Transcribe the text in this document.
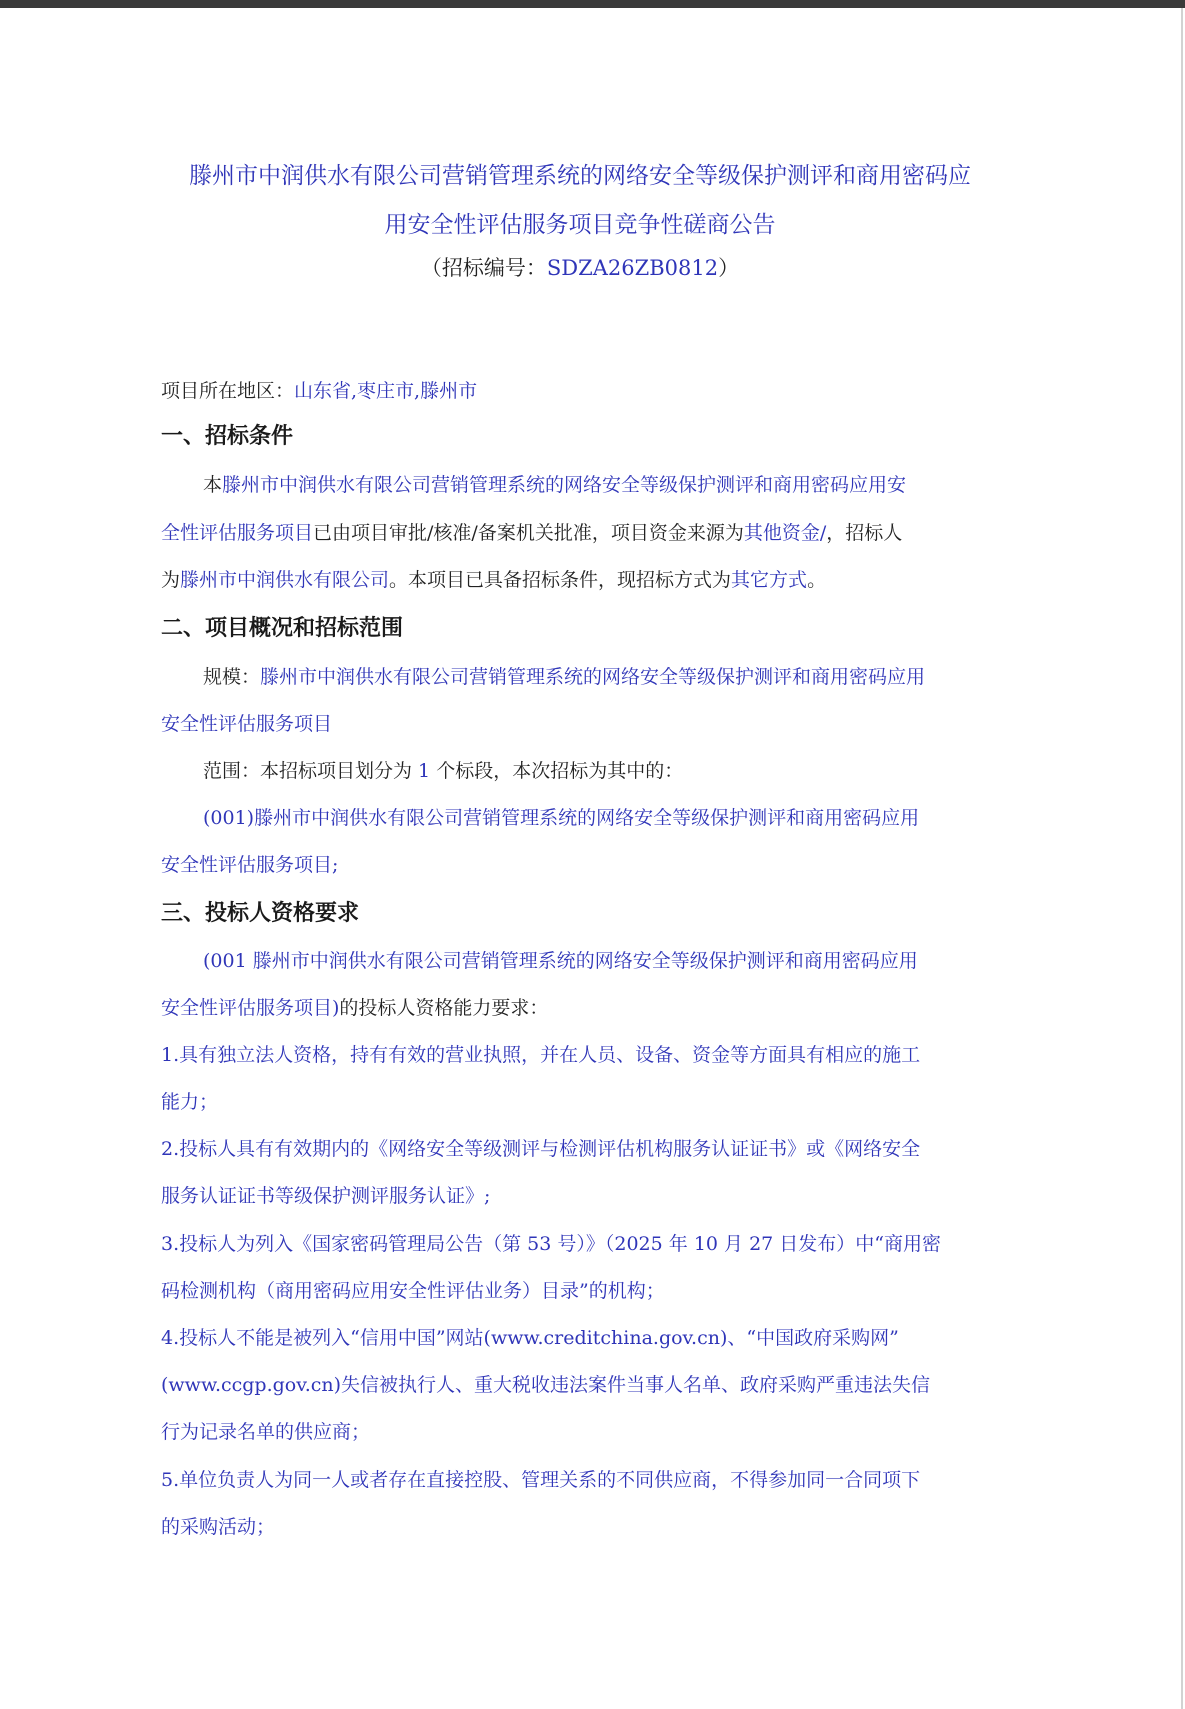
滕州市中润供水有限公司营销管理系统的网络安全等级保护测评和商用密码应
用安全性评估服务项目竞争性磋商公告
（招标编号：SDZA26ZB0812）
项目所在地区：山东省,枣庄市,滕州市
一、招标条件
本滕州市中润供水有限公司营销管理系统的网络安全等级保护测评和商用密码应用安
全性评估服务项目已由项目审批/核准/备案机关批准，项目资金来源为其他资金/，招标人
为滕州市中润供水有限公司。本项目已具备招标条件，现招标方式为其它方式。
二、项目概况和招标范围
规模：滕州市中润供水有限公司营销管理系统的网络安全等级保护测评和商用密码应用
安全性评估服务项目
范围：本招标项目划分为 1 个标段，本次招标为其中的：
(001)滕州市中润供水有限公司营销管理系统的网络安全等级保护测评和商用密码应用
安全性评估服务项目;
三、投标人资格要求
(001 滕州市中润供水有限公司营销管理系统的网络安全等级保护测评和商用密码应用
安全性评估服务项目)的投标人资格能力要求：
1.具有独立法人资格，持有有效的营业执照，并在人员、设备、资金等方面具有相应的施工
能力；
2.投标人具有有效期内的《网络安全等级测评与检测评估机构服务认证证书》或《网络安全
服务认证证书等级保护测评服务认证》;
3.投标人为列入《国家密码管理局公告（第 53 号）》（2025 年 10 月 27 日发布）中“商用密
码检测机构（商用密码应用安全性评估业务）目录”的机构；
4.投标人不能是被列入“信用中国”网站(www.creditchina.gov.cn)、“中国政府采购网”
(www.ccgp.gov.cn)失信被执行人、重大税收违法案件当事人名单、政府采购严重违法失信
行为记录名单的供应商；
5.单位负责人为同一人或者存在直接控股、管理关系的不同供应商，不得参加同一合同项下
的采购活动；
